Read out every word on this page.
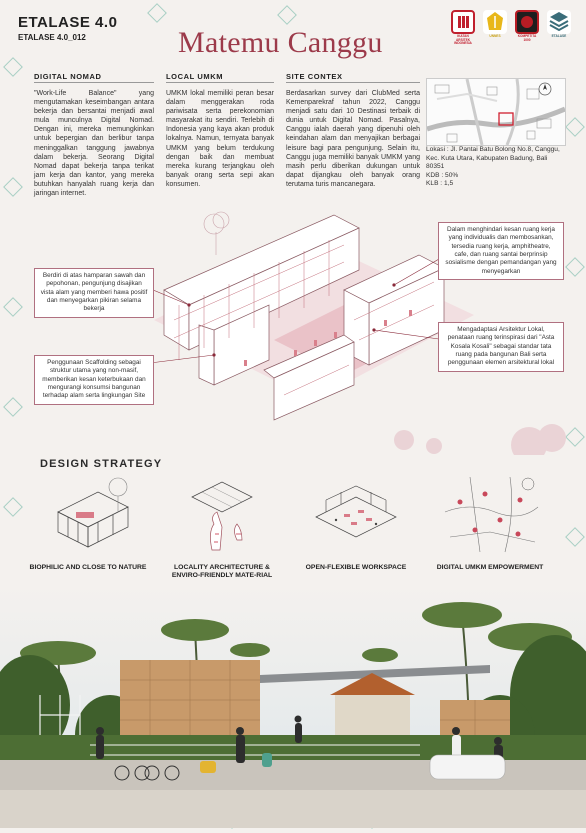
ETALASE 4.0
ETALASE 4.0_012	Matemu Canggu	IKATAN ARSITEK INDONESIA
UNNES	KOMPETITA 1000
ETALASE
DIGITAL NOMAD
"Work-Life Balance" yang mengutamakan keseimbangan antara bekerja dan bersantai menjadi awal mula munculnya Digital Nomad. Dengan ini, mereka memungkinkan untuk bepergian dan berlibur tanpa meninggalkan tanggung jawabnya dalam bekerja. Seorang Digital Nomad dapat bekerja tanpa terikat jam kerja dan kantor, yang mereka butuhkan hanyalah ruang kerja dan jaringan internet.
LOCAL UMKM
UMKM lokal memiliki peran besar dalam menggerakan roda pariwisata serta perekonomian masyarakat itu sendiri. Terlebih di Indonesia yang kaya akan produk lokalnya. Namun, ternyata banyak UMKM yang belum terdukung dengan baik dan membuat mereka kurang terjangkau oleh banyak orang serta sepi akan konsumen.
SITE CONTEX
Berdasarkan survey dari ClubMed serta Kemenparekraf tahun 2022, Canggu menjadi satu dari 10 Destinasi terbaik di dunia untuk Digital Nomad. Pasalnya, Canggu ialah daerah yang dipenuhi oleh keindahan alam dan menyajikan berbagai leisure bagi para pengunjung. Selain itu, Canggu juga memiliki banyak UMKM yang masih perlu diberikan dukungan untuk dapat dijangkau oleh banyak orang terutama turis mancanegara.
Lokasi : Jl. Pantai Batu Bolong No.8, Canggu, Kec. Kuta Utara, Kabupaten Badung, Bali 80351
KDB : 50%
KLB : 1,5
Berdiri di atas hamparan sawah dan pepohonan, pengunjung disajikan vista alam yang memberi hawa positif dan menyegarkan pikiran selama bekerja
Penggunaan Scaffolding sebagai struktur utama yang non-masif, memberikan kesan keterbukaan dan mengurangi konsumsi bangunan terhadap alam serta lingkungan Site
Dalam menghindari kesan ruang kerja yang individualis dan membosankan, tersedia ruang kerja, amphitheatre, cafe, dan ruang santai berprinsip sosialisme dengan pemandangan yang menyegarkan
Mengadaptasi Arsitektur Lokal, penataan ruang terinspirasi dari "Asta Kosala Kosali" sebagai standar tata ruang pada bangunan Bali serta penggunaan elemen arsitektural lokal
DESIGN STRATEGY
BIOPHILIC AND CLOSE TO NATURE	LOCALITY ARCHITECTURE & ENVIRO-FRIENDLY MATE-RIAL
OPEN-FLEXIBLE WORKSPACE	DIGITAL UMKM EMPOWERMENT
